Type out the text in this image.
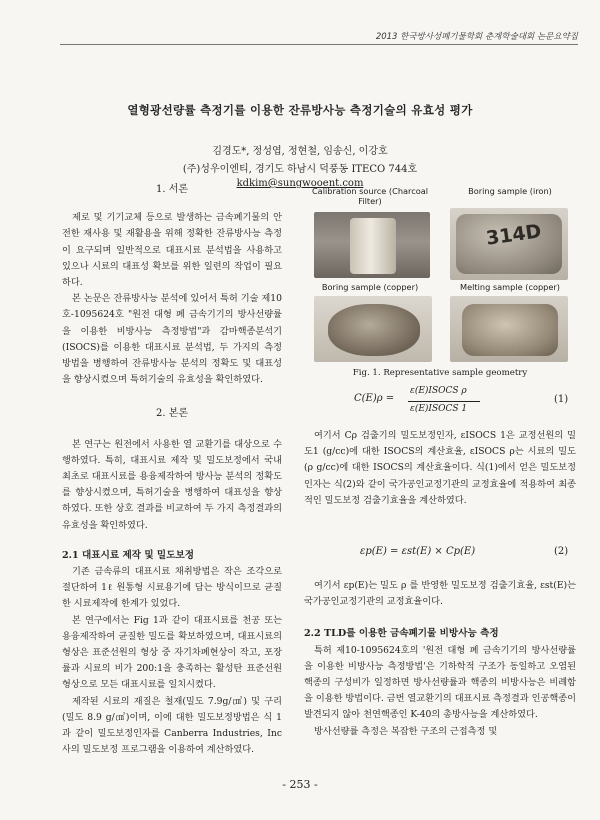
2013 한국방사성폐기물학회 춘계학술대회 논문요약집
열형광선량률 측정기를 이용한 잔류방사능 측정기술의 유효성 평가
김경도*, 정성엽, 정현철, 임송신, 이강호
(주)성우이엔티, 경기도 하남시 덕풍동 ITECO 744호
kdkim@sungwooent.com

1. 서론

제로 및 기기교체 등으로 발생하는 금속폐기물의 안전한 재사용 및 재활용을 위해 정확한 잔류방사능 측정이 요구되며 일반적으로 대표시료 분석법을 사용하고 있으나 시료의 대표성 확보를 위한 일련의 작업이 필요하다.

본 논문은 잔류방사능 분석에 있어서 특허 기술 제10호-1095624호 "원전 대형 폐 금속기기의 방사선량률을 이용한 비방사능 측정방법"과 감마핵종분석기(ISOCS)를 이용한 대표시료 분석법, 두 가지의 측정 방법을 병행하여 잔류방사능 분석의 정확도 및 대표성을 향상시켰으며 특허기술의 유효성을 확인하였다.

2. 본론

본 연구는 원전에서 사용한 열 교환기를 대상으로 수행하였다. 특히, 대표시료 제작 및 밀도보정에서 국내 최초로 대표시료를 용융제작하여 방사능 분석의 정확도를 향상시켰으며, 특허기술을 병행하여 대표성을 향상하였다. 또한 상호 결과를 비교하여 두 가지 측정결과의 유효성을 확인하였다.

2.1 대표시료 제작 및 밀도보정

기존 금속류의 대표시료 채취방법은 작은 조각으로 절단하여 1ℓ 원통형 시료용기에 담는 방식이므로 균질한 시료제작에 한계가 있었다.

본 연구에서는 Fig 1과 같이 대표시료를 천공 또는 용융제작하여 균질한 밀도를 확보하였으며, 대표시료의 형상은 표준선원의 형상 중 자기차폐현상이 작고, 포장률과 시료의 비가 200:1을 충족하는 활성탄 표준선원 형상으로 모든 대표시료를 일치시켰다.

제작된 시료의 재질은 철재(밀도 7.9g/㎤) 및 구리(밀도 8.9 g/㎤)이며, 이에 대한 밀도보정방법은 식 1과 같이 밀도보정인자를 Canberra Industries, Inc사의 밀도보정 프로그램을 이용하여 계산하였다.

Calibration source (Charcoal Filter)
Boring sample (iron)
314D
Boring sample (copper)	Melting sample (copper)
Fig. 1. Representative sample geometry
C(E)ρ =
ε(E)ISOCS ρ
ε(E)ISOCS 1
(1)

여기서 Cρ 검출기의 밀도보정인자, εISOCS 1은 교정선원의 밀도1 (g/cc)에 대한 ISOCS의 계산효율, εISOCS ρ는 시료의 밀도(ρ g/cc)에 대한 ISOCS의 계산효율이다. 식(1)에서 얻은 밀도보정인자는 식(2)와 같이 국가공인교정기관의 교정효율에 적용하여 최종적인 밀도보정 검출기효율을 계산하였다.

εp(E) = εst(E) × Cp(E)	(2)

여기서 εp(E)는 밀도 ρ 를 반영한 밀도보정 검출기효율, εst(E)는 국가공인교정기관의 교정효율이다.

2.2 TLD를 이용한 금속폐기물 비방사능 측정

특허 제10-1095624호의 '원전 대형 폐 금속기기의 방사선량률을 이용한 비방사능 측정방법'은 기하학적 구조가 동일하고 오염된 핵종의 구성비가 일정하면 방사선량률과 핵종의 비방사능은 비례함을 이용한 방법이다. 금번 열교환기의 대표시료 측정결과 인공핵종이 발견되지 않아 천연핵종인 K-40의 총방사능을 계산하였다.

방사선량률 측정은 복잡한 구조의 근접측정 및

- 253 -
